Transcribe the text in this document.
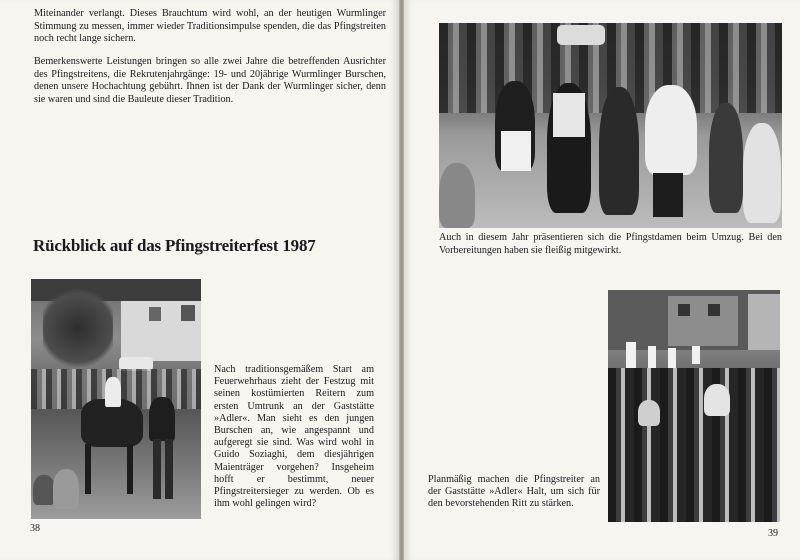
Miteinander verlangt. Dieses Brauchtum wird wohl, an der heutigen Wurmlinger Stimmung zu messen, immer wieder Traditionsimpulse spenden, die das Pfingstreiten noch recht lange sichern.

Bemerkenswerte Leistungen bringen so alle zwei Jahre die betreffenden Ausrichter des Pfingstreitens, die Rekrutenjahrgänge: 19- und 20jährige Wurmlinger Burschen, denen unsere Hochachtung gebührt. Ihnen ist der Dank der Wurmlinger sicher, denn sie waren und sind die Bauleute dieser Tradition.

Rückblick auf das Pfingstreiterfest 1987

Nach traditionsgemäßem Start am Feuerwehrhaus zieht der Festzug mit seinen kostümierten Reitern zum ersten Umtrunk an der Gaststätte »Adler«. Man sieht es den jungen Burschen an, wie angespannt und aufgeregt sie sind. Was wird wohl in Guido Soziaghi, dem diesjährigen Maienträger vorgehen? Insgeheim hofft er bestimmt, neuer Pfingstreitersieger zu werden. Ob es ihm wohl gelingen wird?

38

Auch in diesem Jahr präsentieren sich die Pfingstdamen beim Umzug. Bei den Vorbereitungen haben sie fleißig mitgewirkt.

Planmäßig machen die Pfingstreiter an der Gaststätte »Adler« Halt, um sich für den bevorstehenden Ritt zu stärken.

39
